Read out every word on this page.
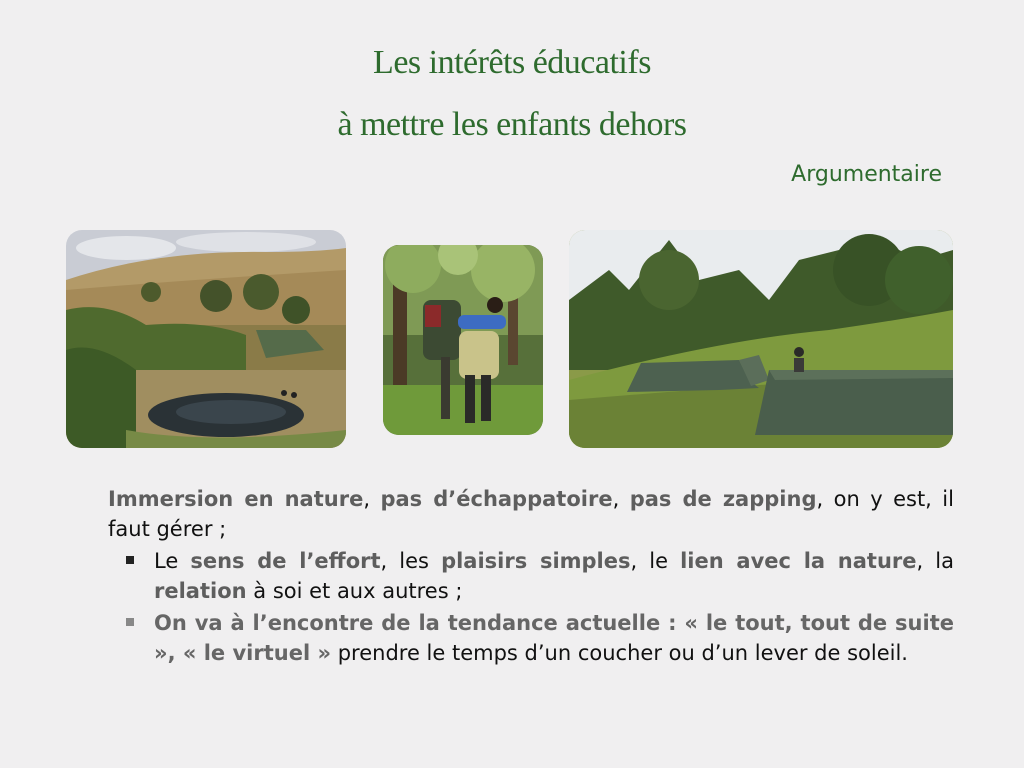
Les intérêts éducatifs
à mettre les enfants dehors
Argumentaire

Immersion en nature, pas d’échappatoire, pas de zapping, on y est, il faut gérer ;

Le sens de l’effort, les plaisirs simples, le lien avec la nature, la relation à soi et aux autres ;
On va à l’encontre de la tendance actuelle : « le tout, tout de suite », « le virtuel » prendre le temps d’un coucher ou d’un lever de soleil.
